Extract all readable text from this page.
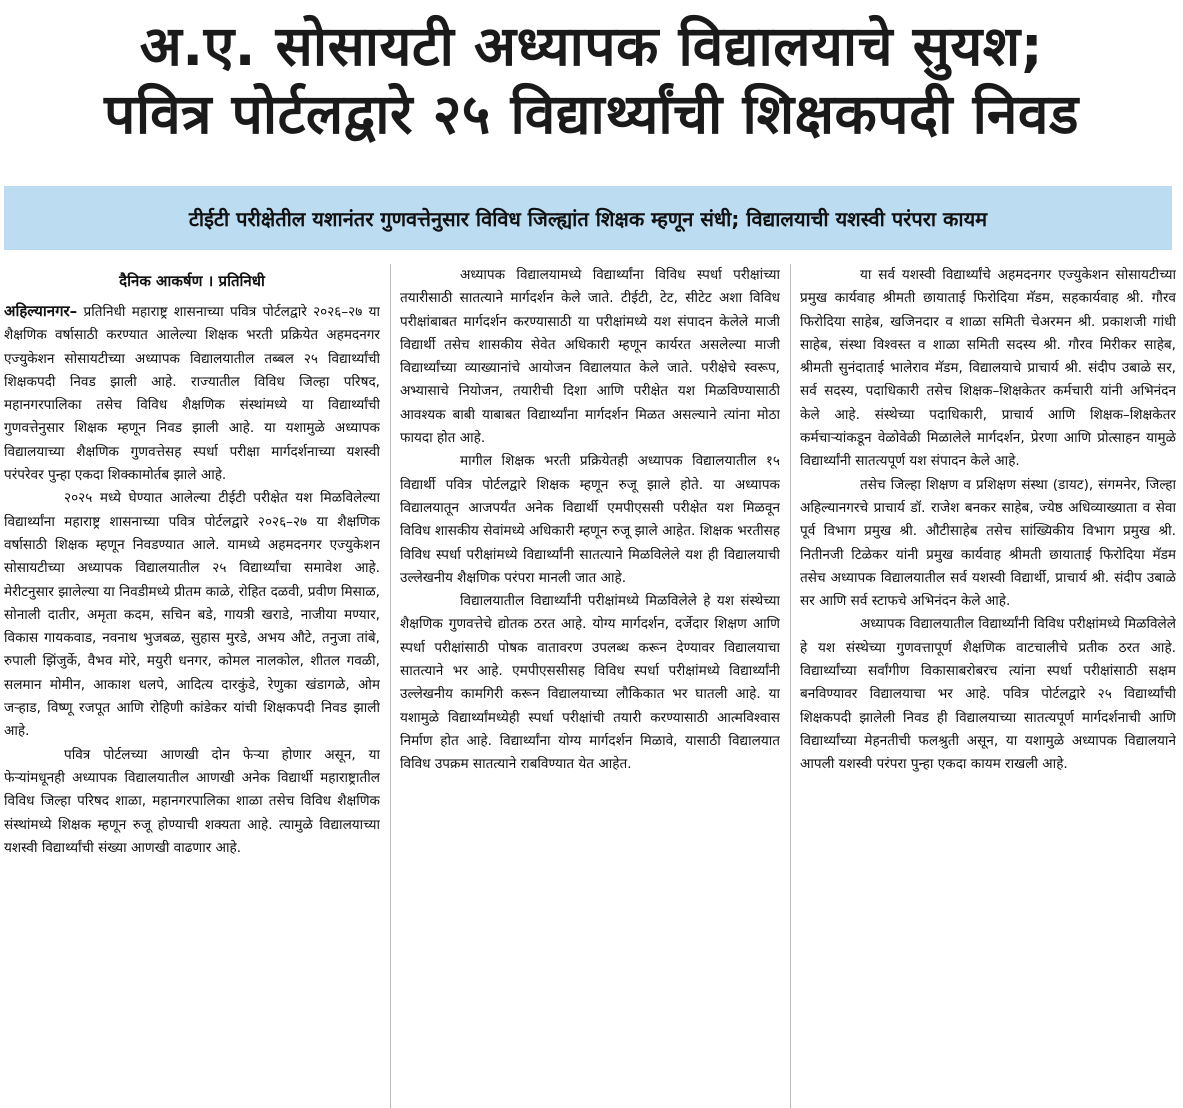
अ.ए. सोसायटी अध्यापक विद्यालयाचे सुयश;
पवित्र पोर्टलद्वारे २५ विद्यार्थ्यांची शिक्षकपदी निवड
टीईटी परीक्षेतील यशानंतर गुणवत्तेनुसार विविध जिल्ह्यांत शिक्षक म्हणून संधी; विद्यालयाची यशस्वी परंपरा कायम
दैनिक आकर्षण । प्रतिनिधी

अहिल्यानगर– प्रतिनिधी महाराष्ट्र शासनाच्या पवित्र पोर्टलद्वारे २०२६–२७ या शैक्षणिक वर्षासाठी करण्यात आलेल्या शिक्षक भरती प्रक्रियेत अहमदनगर एज्युकेशन सोसायटीच्या अध्यापक विद्यालयातील तब्बल २५ विद्यार्थ्यांची शिक्षकपदी निवड झाली आहे. राज्यातील विविध जिल्हा परिषद, महानगरपालिका तसेच विविध शैक्षणिक संस्थांमध्ये या विद्यार्थ्यांची गुणवत्तेनुसार शिक्षक म्हणून निवड झाली आहे. या यशामुळे अध्यापक विद्यालयाच्या शैक्षणिक गुणवत्तेसह स्पर्धा परीक्षा मार्गदर्शनाच्या यशस्वी परंपरेवर पुन्हा एकदा शिक्कामोर्तब झाले आहे.

२०२५ मध्ये घेण्यात आलेल्या टीईटी परीक्षेत यश मिळविलेल्या विद्यार्थ्यांना महाराष्ट्र शासनाच्या पवित्र पोर्टलद्वारे २०२६–२७ या शैक्षणिक वर्षासाठी शिक्षक म्हणून निवडण्यात आले. यामध्ये अहमदनगर एज्युकेशन सोसायटीच्या अध्यापक विद्यालयातील २५ विद्यार्थ्यांचा समावेश आहे. मेरीटनुसार झालेल्या या निवडीमध्ये प्रीतम काळे, रोहित दळवी, प्रवीण मिसाळ, सोनाली दातीर, अमृता कदम, सचिन बडे, गायत्री खराडे, नाजीया मण्यार, विकास गायकवाड, नवनाथ भुजबळ, सुहास मुरडे, अभय औटे, तनुजा तांबे, रुपाली झिंजुर्के, वैभव मोरे, मयुरी धनगर, कोमल नालकोल, शीतल गवळी, सलमान मोमीन, आकाश धलपे, आदित्य दारकुंडे, रेणुका खंडागळे, ओम जऱ्हाड, विष्णू रजपूत आणि रोहिणी कांडेकर यांची शिक्षकपदी निवड झाली आहे.

पवित्र पोर्टलच्या आणखी दोन फेऱ्या होणार असून, या फेऱ्यांमधूनही अध्यापक विद्यालयातील आणखी अनेक विद्यार्थी महाराष्ट्रातील विविध जिल्हा परिषद शाळा, महानगरपालिका शाळा तसेच विविध शैक्षणिक संस्थांमध्ये शिक्षक म्हणून रुजू होण्याची शक्यता आहे. त्यामुळे विद्यालयाच्या यशस्वी विद्यार्थ्यांची संख्या आणखी वाढणार आहे.

अध्यापक विद्यालयामध्ये विद्यार्थ्यांना विविध स्पर्धा परीक्षांच्या तयारीसाठी सातत्याने मार्गदर्शन केले जाते. टीईटी, टेट, सीटेट अशा विविध परीक्षांबाबत मार्गदर्शन करण्यासाठी या परीक्षांमध्ये यश संपादन केलेले माजी विद्यार्थी तसेच शासकीय सेवेत अधिकारी म्हणून कार्यरत असलेल्या माजी विद्यार्थ्यांच्या व्याख्यानांचे आयोजन विद्यालयात केले जाते. परीक्षेचे स्वरूप, अभ्यासाचे नियोजन, तयारीची दिशा आणि परीक्षेत यश मिळविण्यासाठी आवश्यक बाबी याबाबत विद्यार्थ्यांना मार्गदर्शन मिळत असल्याने त्यांना मोठा फायदा होत आहे.

मागील शिक्षक भरती प्रक्रियेतही अध्यापक विद्यालयातील १५ विद्यार्थी पवित्र पोर्टलद्वारे शिक्षक म्हणून रुजू झाले होते. या अध्यापक विद्यालयातून आजपर्यंत अनेक विद्यार्थी एमपीएससी परीक्षेत यश मिळवून विविध शासकीय सेवांमध्ये अधिकारी म्हणून रुजू झाले आहेत. शिक्षक भरतीसह विविध स्पर्धा परीक्षांमध्ये विद्यार्थ्यांनी सातत्याने मिळविलेले यश ही विद्यालयाची उल्लेखनीय शैक्षणिक परंपरा मानली जात आहे.

विद्यालयातील विद्यार्थ्यांनी परीक्षांमध्ये मिळविलेले हे यश संस्थेच्या शैक्षणिक गुणवत्तेचे द्योतक ठरत आहे. योग्य मार्गदर्शन, दर्जेदार शिक्षण आणि स्पर्धा परीक्षांसाठी पोषक वातावरण उपलब्ध करून देण्यावर विद्यालयाचा सातत्याने भर आहे. एमपीएससीसह विविध स्पर्धा परीक्षांमध्ये विद्यार्थ्यांनी उल्लेखनीय कामगिरी करून विद्यालयाच्या लौकिकात भर घातली आहे. या यशामुळे विद्यार्थ्यांमध्येही स्पर्धा परीक्षांची तयारी करण्यासाठी आत्मविश्वास निर्माण होत आहे. विद्यार्थ्यांना योग्य मार्गदर्शन मिळावे, यासाठी विद्यालयात विविध उपक्रम सातत्याने राबविण्यात येत आहेत.

या सर्व यशस्वी विद्यार्थ्यांचे अहमदनगर एज्युकेशन सोसायटीच्या प्रमुख कार्यवाह श्रीमती छायाताई फिरोदिया मॅडम, सहकार्यवाह श्री. गौरव फिरोदिया साहेब, खजिनदार व शाळा समिती चेअरमन श्री. प्रकाशजी गांधी साहेब, संस्था विश्वस्त व शाळा समिती सदस्य श्री. गौरव मिरीकर साहेब, श्रीमती सुनंदाताई भालेराव मॅडम, विद्यालयाचे प्राचार्य श्री. संदीप उबाळे सर, सर्व सदस्य, पदाधिकारी तसेच शिक्षक–शिक्षकेतर कर्मचारी यांनी अभिनंदन केले आहे. संस्थेच्या पदाधिकारी, प्राचार्य आणि शिक्षक–शिक्षकेतर कर्मचाऱ्यांकडून वेळोवेळी मिळालेले मार्गदर्शन, प्रेरणा आणि प्रोत्साहन यामुळे विद्यार्थ्यांनी सातत्यपूर्ण यश संपादन केले आहे.

तसेच जिल्हा शिक्षण व प्रशिक्षण संस्था (डायट), संगमनेर, जिल्हा अहिल्यानगरचे प्राचार्य डॉ. राजेश बनकर साहेब, ज्येष्ठ अधिव्याख्याता व सेवा पूर्व विभाग प्रमुख श्री. औटीसाहेब तसेच सांख्यिकीय विभाग प्रमुख श्री. नितीनजी टिळेकर यांनी प्रमुख कार्यवाह श्रीमती छायाताई फिरोदिया मॅडम तसेच अध्यापक विद्यालयातील सर्व यशस्वी विद्यार्थी, प्राचार्य श्री. संदीप उबाळे सर आणि सर्व स्टाफचे अभिनंदन केले आहे.

अध्यापक विद्यालयातील विद्यार्थ्यांनी विविध परीक्षांमध्ये मिळविलेले हे यश संस्थेच्या गुणवत्तापूर्ण शैक्षणिक वाटचालीचे प्रतीक ठरत आहे. विद्यार्थ्यांच्या सर्वांगीण विकासाबरोबरच त्यांना स्पर्धा परीक्षांसाठी सक्षम बनविण्यावर विद्यालयाचा भर आहे. पवित्र पोर्टलद्वारे २५ विद्यार्थ्यांची शिक्षकपदी झालेली निवड ही विद्यालयाच्या सातत्यपूर्ण मार्गदर्शनाची आणि विद्यार्थ्यांच्या मेहनतीची फलश्रुती असून, या यशामुळे अध्यापक विद्यालयाने आपली यशस्वी परंपरा पुन्हा एकदा कायम राखली आहे.
